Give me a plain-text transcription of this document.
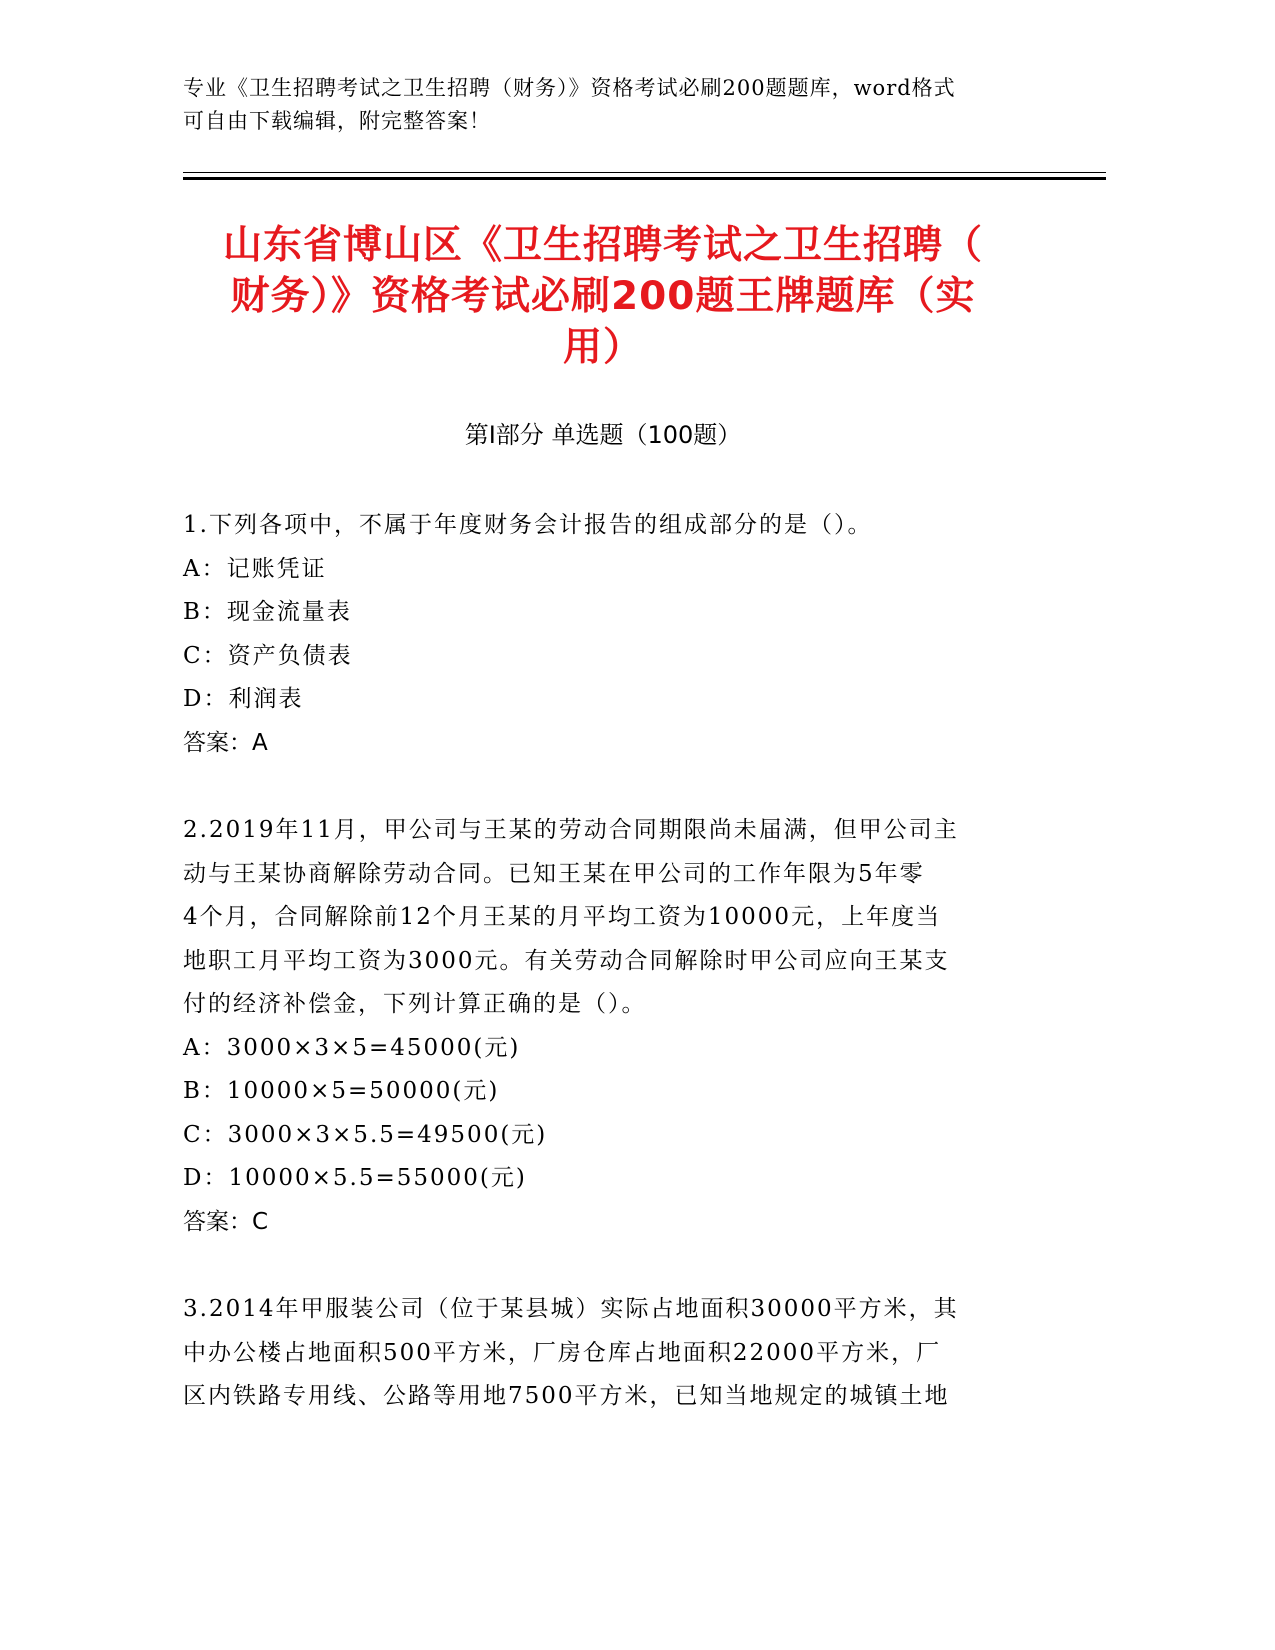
专业《卫生招聘考试之卫生招聘（财务）》资格考试必刷200题题库，word格式
可自由下载编辑，附完整答案！
山东省博山区《卫生招聘考试之卫生招聘（
财务）》资格考试必刷200题王牌题库（实
用）
第Ⅰ部分 单选题（100题）

1.下列各项中，不属于年度财务会计报告的组成部分的是（）。

A：记账凭证

B：现金流量表

C：资产负债表

D：利润表

答案：A

2.2019年11月，甲公司与王某的劳动合同期限尚未届满，但甲公司主

动与王某协商解除劳动合同。已知王某在甲公司的工作年限为5年零

4个月，合同解除前12个月王某的月平均工资为10000元，上年度当

地职工月平均工资为3000元。有关劳动合同解除时甲公司应向王某支

付的经济补偿金，下列计算正确的是（）。

A：3000×3×5=45000(元)

B：10000×5=50000(元)

C：3000×3×5.5=49500(元)

D：10000×5.5=55000(元)

答案：C

3.2014年甲服装公司（位于某县城）实际占地面积30000平方米，其

中办公楼占地面积500平方米，厂房仓库占地面积22000平方米，厂

区内铁路专用线、公路等用地7500平方米，已知当地规定的城镇土地
